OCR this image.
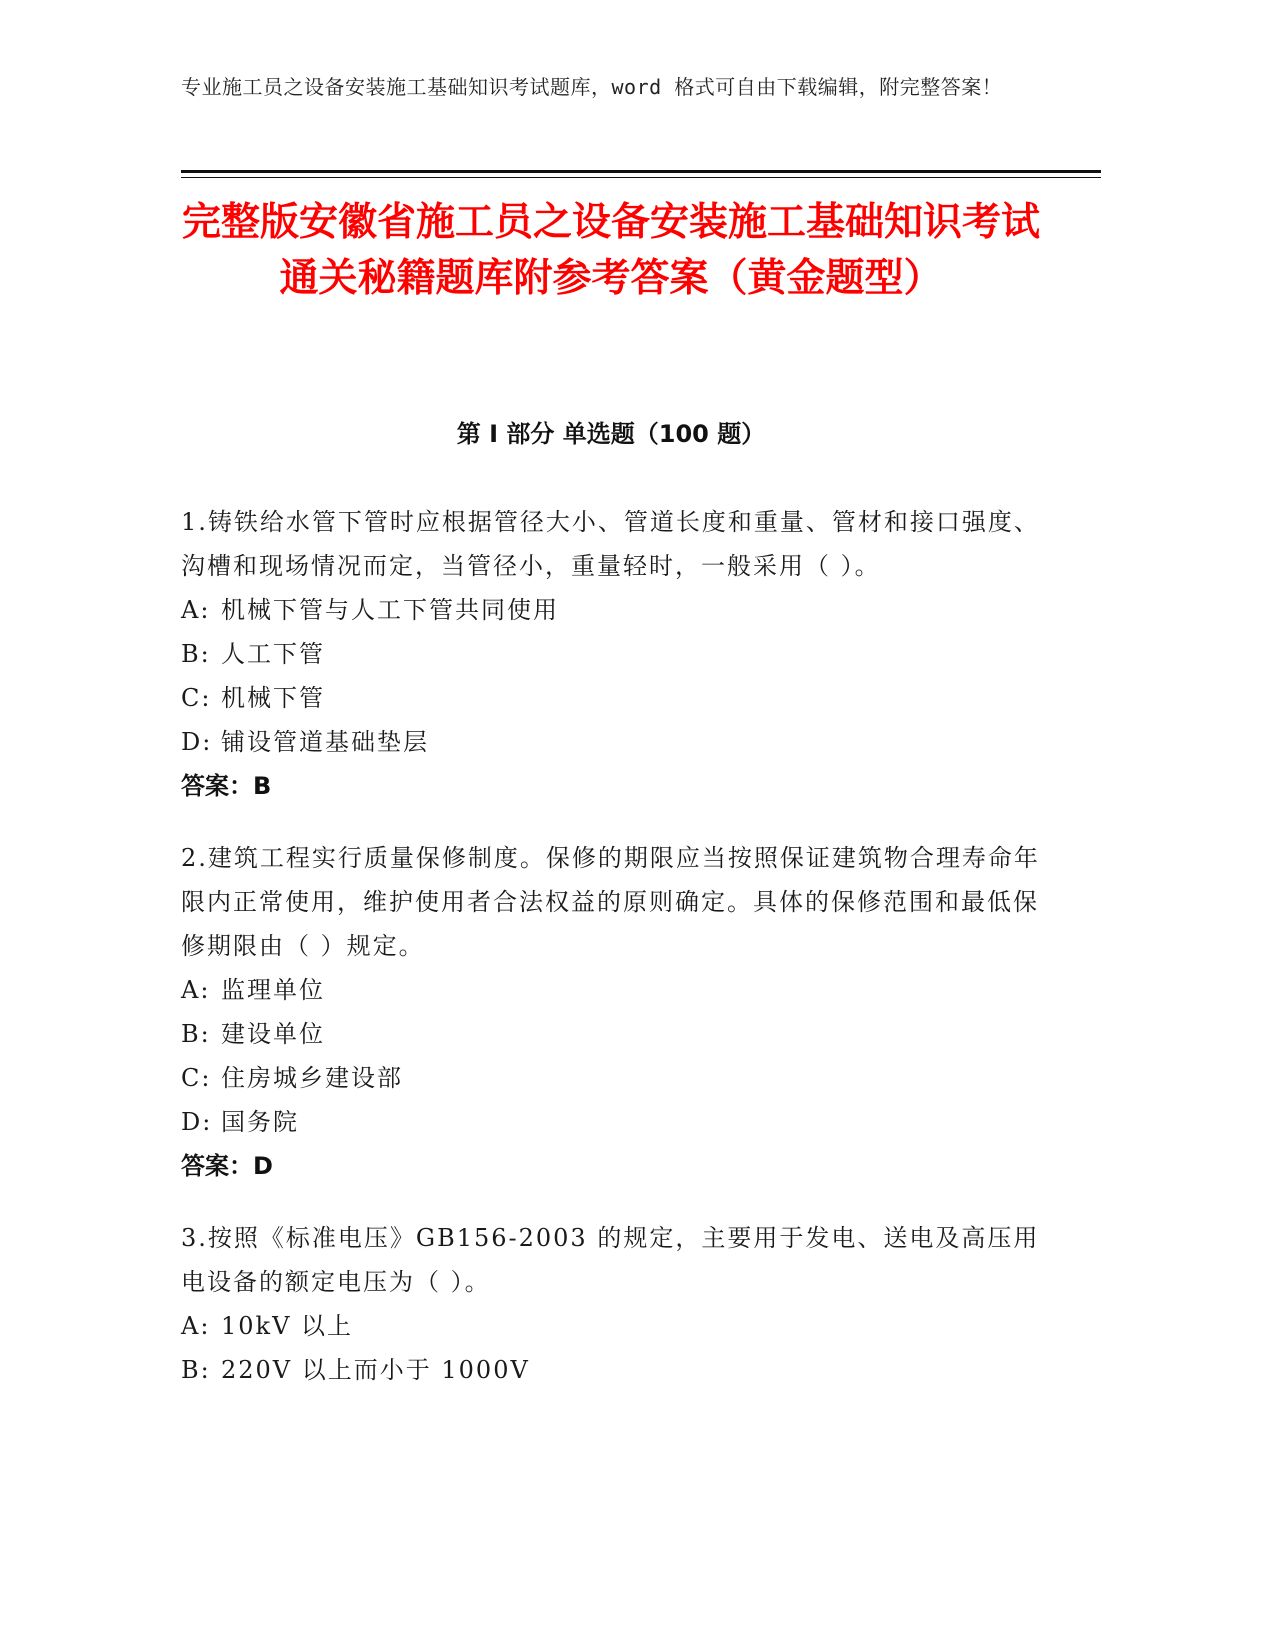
专业施工员之设备安装施工基础知识考试题库，word 格式可自由下载编辑，附完整答案！
完整版安徽省施工员之设备安装施工基础知识考试通关秘籍题库附参考答案（黄金题型）
第 I 部分 单选题（100 题）
1.铸铁给水管下管时应根据管径大小、管道长度和重量、管材和接口强度、沟槽和现场情况而定，当管径小，重量轻时，一般采用（ ）。
A: 机械下管与人工下管共同使用
B: 人工下管
C: 机械下管
D: 铺设管道基础垫层
答案：B
2.建筑工程实行质量保修制度。保修的期限应当按照保证建筑物合理寿命年限内正常使用，维护使用者合法权益的原则确定。具体的保修范围和最低保修期限由（ ）规定。
A: 监理单位
B: 建设单位
C: 住房城乡建设部
D: 国务院
答案：D
3.按照《标准电压》GB156-2003 的规定，主要用于发电、送电及高压用电设备的额定电压为（ ）。
A: 10kV 以上
B: 220V 以上而小于 1000V
